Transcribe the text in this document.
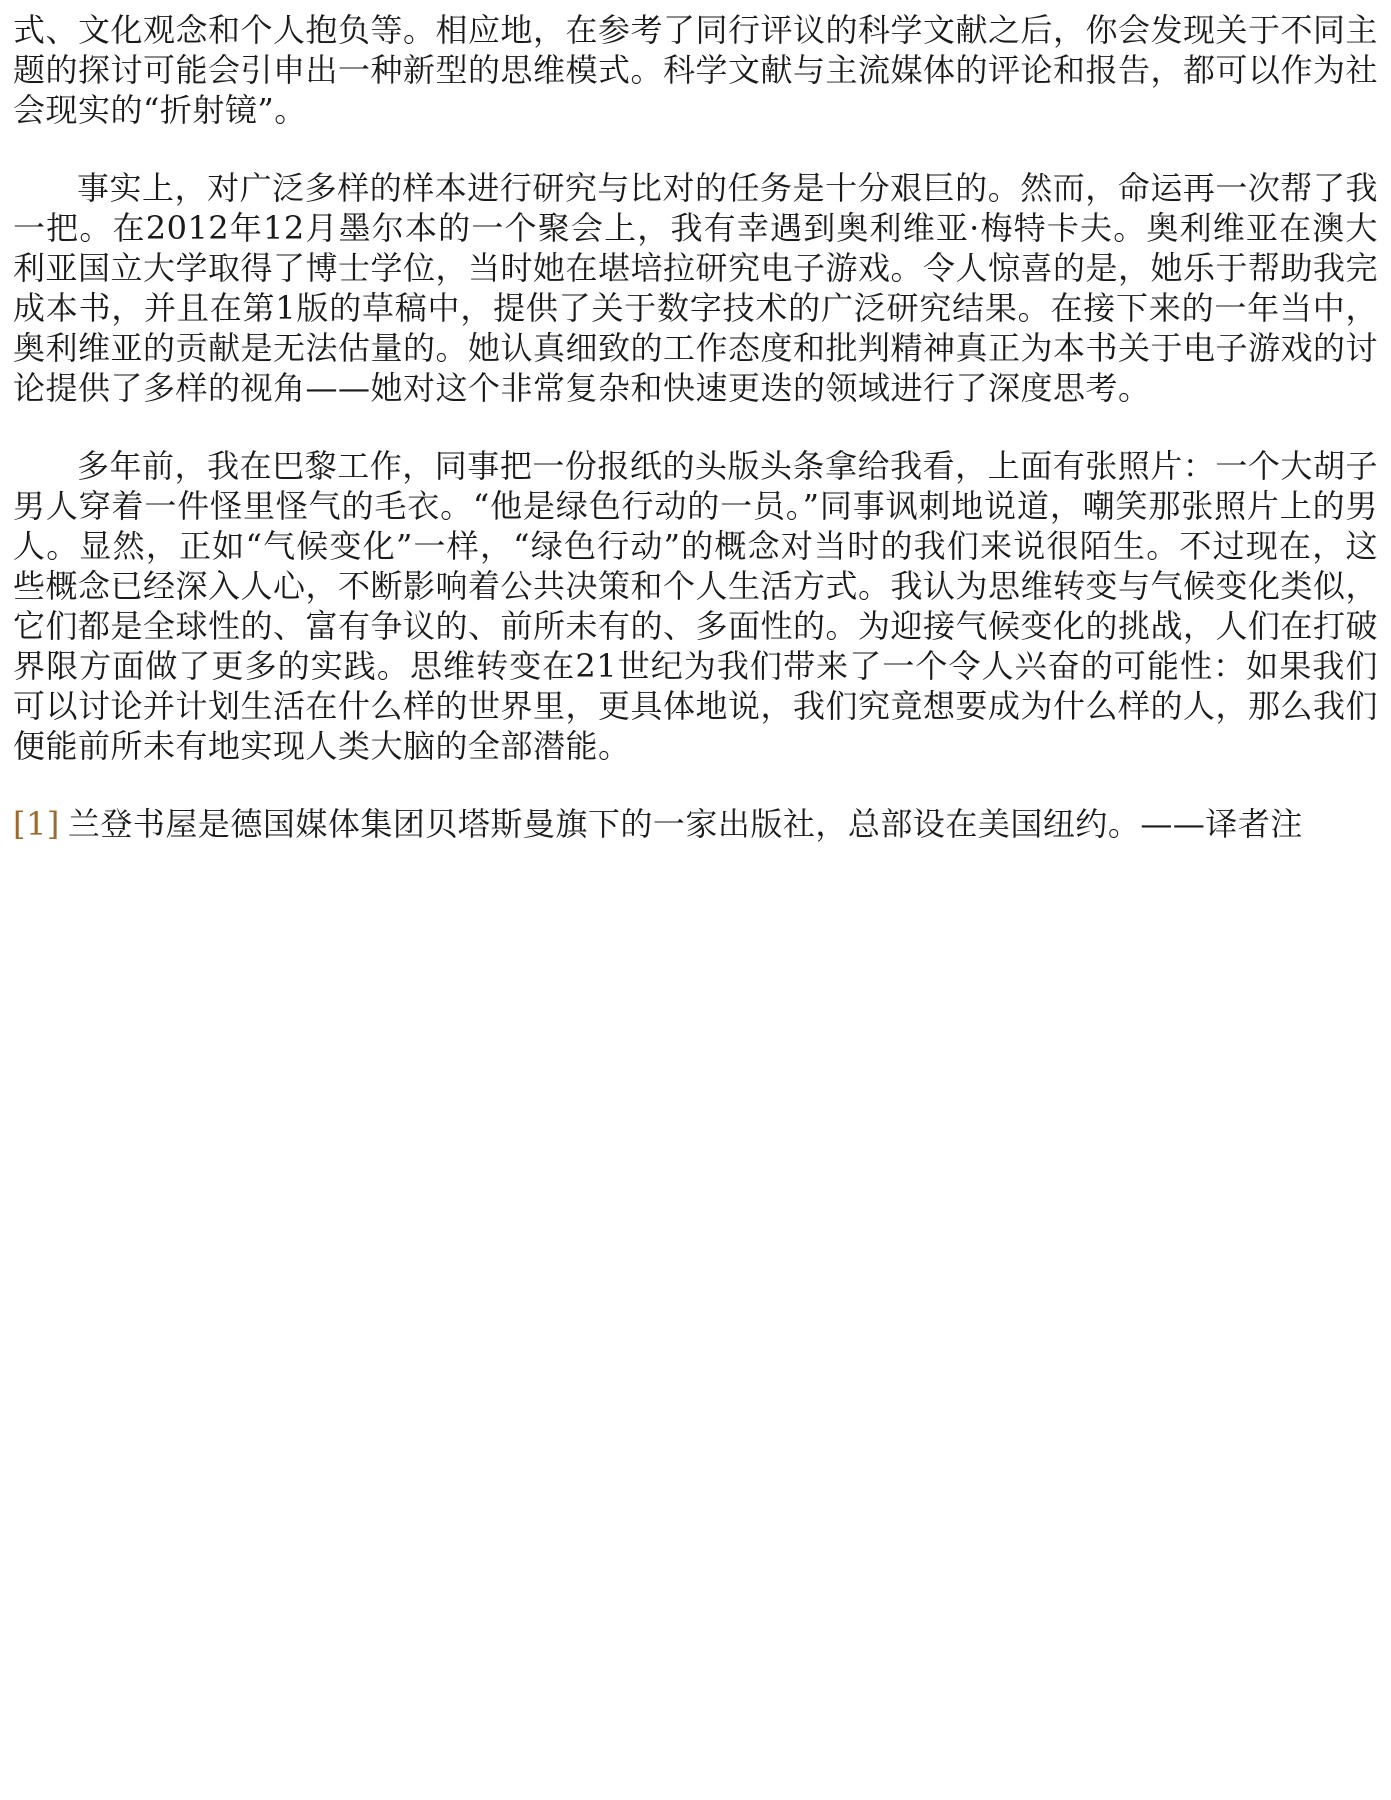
式、文化观念和个人抱负等。相应地，在参考了同行评议的科学文献之后，你会发现关于不同主题的探讨可能会引申出一种新型的思维模式。科学文献与主流媒体的评论和报告，都可以作为社会现实的“折射镜”。

事实上，对广泛多样的样本进行研究与比对的任务是十分艰巨的。然而，命运再一次帮了我一把。在2012年12月墨尔本的一个聚会上，我有幸遇到奥利维亚·梅特卡夫。奥利维亚在澳大利亚国立大学取得了博士学位，当时她在堪培拉研究电子游戏。令人惊喜的是，她乐于帮助我完成本书，并且在第1版的草稿中，提供了关于数字技术的广泛研究结果。在接下来的一年当中，奥利维亚的贡献是无法估量的。她认真细致的工作态度和批判精神真正为本书关于电子游戏的讨论提供了多样的视角——她对这个非常复杂和快速更迭的领域进行了深度思考。

多年前，我在巴黎工作，同事把一份报纸的头版头条拿给我看，上面有张照片：一个大胡子男人穿着一件怪里怪气的毛衣。“他是绿色行动的一员。”同事讽刺地说道，嘲笑那张照片上的男人。显然，正如“气候变化”一样，“绿色行动”的概念对当时的我们来说很陌生。不过现在，这些概念已经深入人心，不断影响着公共决策和个人生活方式。我认为思维转变与气候变化类似，它们都是全球性的、富有争议的、前所未有的、多面性的。为迎接气候变化的挑战，人们在打破界限方面做了更多的实践。思维转变在21世纪为我们带来了一个令人兴奋的可能性：如果我们可以讨论并计划生活在什么样的世界里，更具体地说，我们究竟想要成为什么样的人，那么我们便能前所未有地实现人类大脑的全部潜能。

[1] 兰登书屋是德国媒体集团贝塔斯曼旗下的一家出版社，总部设在美国纽约。——译者注
